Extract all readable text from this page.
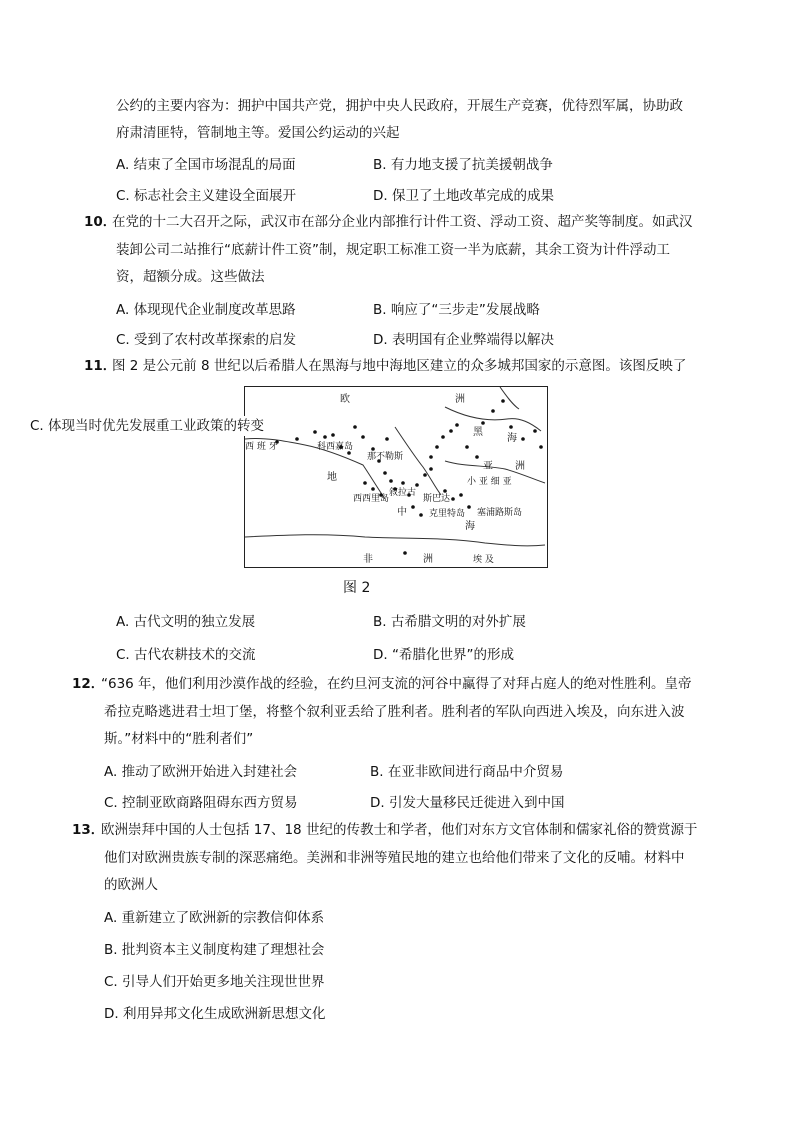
公约的主要内容为：拥护中国共产党，拥护中央人民政府，开展生产竞赛，优待烈军属，协助政
府肃清匪特，管制地主等。爱国公约运动的兴起
A. 结束了全国市场混乱的局面	B. 有力地支援了抗美援朝战争
C. 标志社会主义建设全面展开	D. 保卫了土地改革完成的成果
10．
在党的十二大召开之际，武汉市在部分企业内部推行计件工资、浮动工资、超产奖等制度。如武汉
装卸公司二站推行“底薪计件工资”制，规定职工标准工资一半为底薪，其余工资为计件浮动工
资，超额分成。这些做法
A. 体现现代企业制度改革思路	B. 响应了“三步走”发展战略
C. 受到了农村改革探索的启发	D. 表明国有企业弊端得以解决
11．
图 2 是公元前 8 世纪以后希腊人在黑海与地中海地区建立的众多城邦国家的示意图。该图反映了
欧	洲
西 班 牙	科西嘉岛
那不勒斯
黑
海
亚 洲
小 亚 细 亚
地
西西里岛
叙拉古
斯巴达
克里特岛 塞浦路斯岛
中
海
非	洲	埃 及
C. 体现当时优先发展重工业政策的转变
图 2
A. 古代文明的独立发展	B. 古希腊文明的对外扩展
C. 古代农耕技术的交流	D. “希腊化世界”的形成
12．
“636 年，他们利用沙漠作战的经验，在约旦河支流的河谷中赢得了对拜占庭人的绝对性胜利。皇帝
希拉克略逃进君士坦丁堡，将整个叙利亚丢给了胜利者。胜利者的军队向西进入埃及，向东进入波
斯。”材料中的“胜利者们”
A. 推动了欧洲开始进入封建社会	B. 在亚非欧间进行商品中介贸易
C. 控制亚欧商路阻碍东西方贸易	D. 引发大量移民迁徙进入到中国
13．
欧洲崇拜中国的人士包括 17、18 世纪的传教士和学者，他们对东方文官体制和儒家礼俗的赞赏源于
他们对欧洲贵族专制的深恶痛绝。美洲和非洲等殖民地的建立也给他们带来了文化的反哺。材料中
的欧洲人
A. 重新建立了欧洲新的宗教信仰体系
B. 批判资本主义制度构建了理想社会
C. 引导人们开始更多地关注现世世界
D. 利用异邦文化生成欧洲新思想文化
